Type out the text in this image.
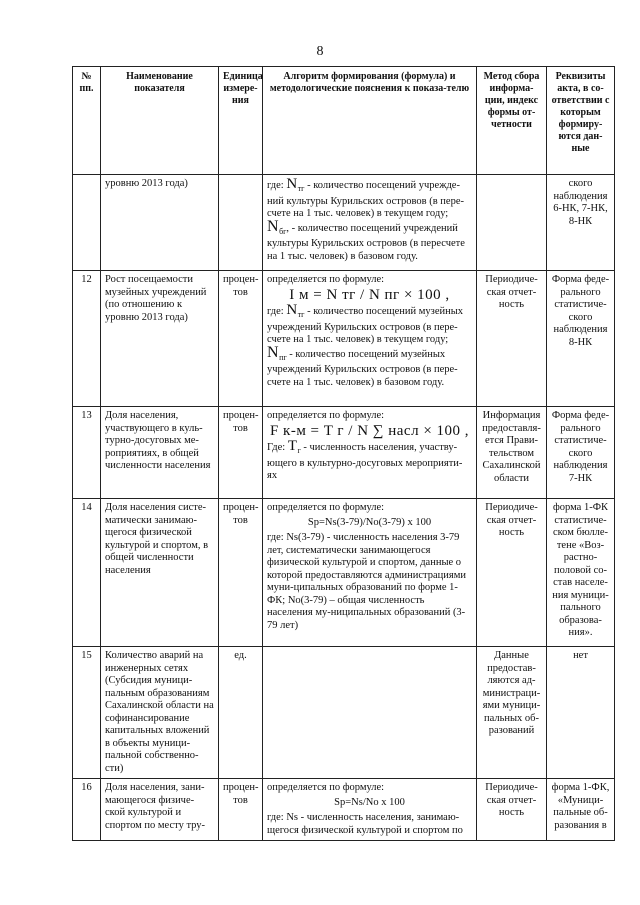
8
№ пп.	Наименование показателя	Единица измере-ния	Алгоритм формирования (формула) и методологические пояснения к показа-телю	Метод сбора информа-ции, индекс формы от-четности	Реквизиты акта, в со-ответствии с которым формиру-ются дан-ные
	уровню 2013 года)		где: $N_{тг}$ - количество посещений учрежде-ний культуры Курильских островов (в пере-счете на 1 тыс. человек) в текущем году;
$N_{бг}$, - количество посещений учреждений культуры Курильских островов (в пересчете на 1 тыс. человек) в базовом году.		ского наблюдения 6-НК, 7-НК, 8-НК
12	Рост посещаемости музейных учреждений (по отношению к уровню 2013 года)	процен-тов	определяется по формуле:
I м = N тг / N пг × 100 ,
где: $N_{тг}$ - количество посещений музейных учреждений Курильских островов (в пере-счете на 1 тыс. человек) в текущем году;
$N_{пг}$ - количество посещений музейных учреждений Курильских островов (в пере-счете на 1 тыс. человек) в базовом году.	Периодиче-ская отчет-ность	Форма феде-рального статистиче-ского наблюдения 8-НК
13	Доля населения, участвующего в куль-турно-досуговых ме-роприятиях, в общей численности населения	процен-тов	определяется по формуле:
F к-м = T г / N ∑ насл × 100 ,
Где: $T_г$ - численность населения, участву-ющего в культурно-досуговых мероприяти-ях	Информация предоставля-ется Прави-тельством Сахалинской области	Форма феде-рального статистиче-ского наблюдения 7-НК
14	Доля населения систе-матически занимаю-щегося физической культурой и спортом, в общей численности населения	процен-тов	определяется по формуле:
Sp=Ns(3-79)/No(3-79) x 100
где: Ns(3-79) - численность населения 3-79 лет, систематически занимающегося физической культурой и спортом, данные о которой предоставляются администрациями муни-ципальных образований по форме 1-ФК; No(3-79) – общая численность населения му-ниципальных образований (3-79 лет)	Периодиче-ская отчет-ность	форма 1-ФК статистиче-ском бюлле-тене «Воз-растно-половой со-став населе-ния муници-пального образова-ния».
15	Количество аварий на инженерных сетях (Субсидия муници-пальным образованиям Сахалинской области на софинансирование капитальных вложений в объекты муници-пальной собственно-сти)	ед.		Данные предостав-ляются ад-министраци-ями муници-пальных об-разований	нет
16	Доля населения, зани-мающегося физиче-ской культурой и спортом по месту тру-	процен-тов	определяется по формуле:
Sp=Ns/No x 100
где: Ns - численность населения, занимаю-щегося физической культурой и спортом по	Периодиче-ская отчет-ность	форма 1-ФК, «Муници-пальные об-разования в
